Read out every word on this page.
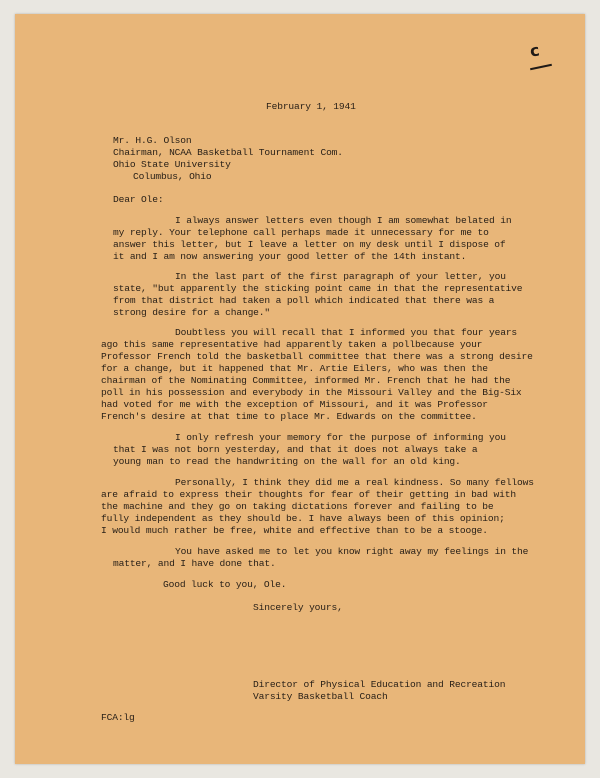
c

February 1, 1941

Mr. H.G. Olson

Chairman, NCAA Basketball Tournament Com.

Ohio State University

Columbus, Ohio

Dear Ole:

I always answer letters even though I am somewhat belated in

my reply. Your telephone call perhaps made it unnecessary for me to

answer this letter, but I leave a letter on my desk until I dispose of

it and I am now answering your good letter of the 14th instant.

In the last part of the first paragraph of your letter, you

state, "but apparently the sticking point came in that the representative

from that district had taken a poll which indicated that there was a

strong desire for a change."

Doubtless you will recall that I informed you that four years

ago this same representative had apparently taken a pollbecause your

Professor French told the basketball committee that there was a strong desire

for a change, but it happened that Mr. Artie Eilers, who was then the

chairman of the Nominating Committee, informed Mr. French that he had the

poll in his possession and everybody in the Missouri Valley and the Big-Six

had voted for me with the exception of Missouri, and it was Professor

French's desire at that time to place Mr. Edwards on the committee.

I only refresh your memory for the purpose of informing you

that I was not born yesterday, and that it does not always take a

young man to read the handwriting on the wall for an old king.

Personally, I think they did me a real kindness. So many fellows

are afraid to express their thoughts for fear of their getting in bad with

the machine and they go on taking dictations forever and failing to be

fully independent as they should be. I have always been of this opinion;

I would much rather be free, white and effective than to be a stooge.

You have asked me to let you know right away my feelings in the

matter, and I have done that.

Good luck to you, Ole.

Sincerely yours,

Director of Physical Education and Recreation

Varsity Basketball Coach

FCA:lg
